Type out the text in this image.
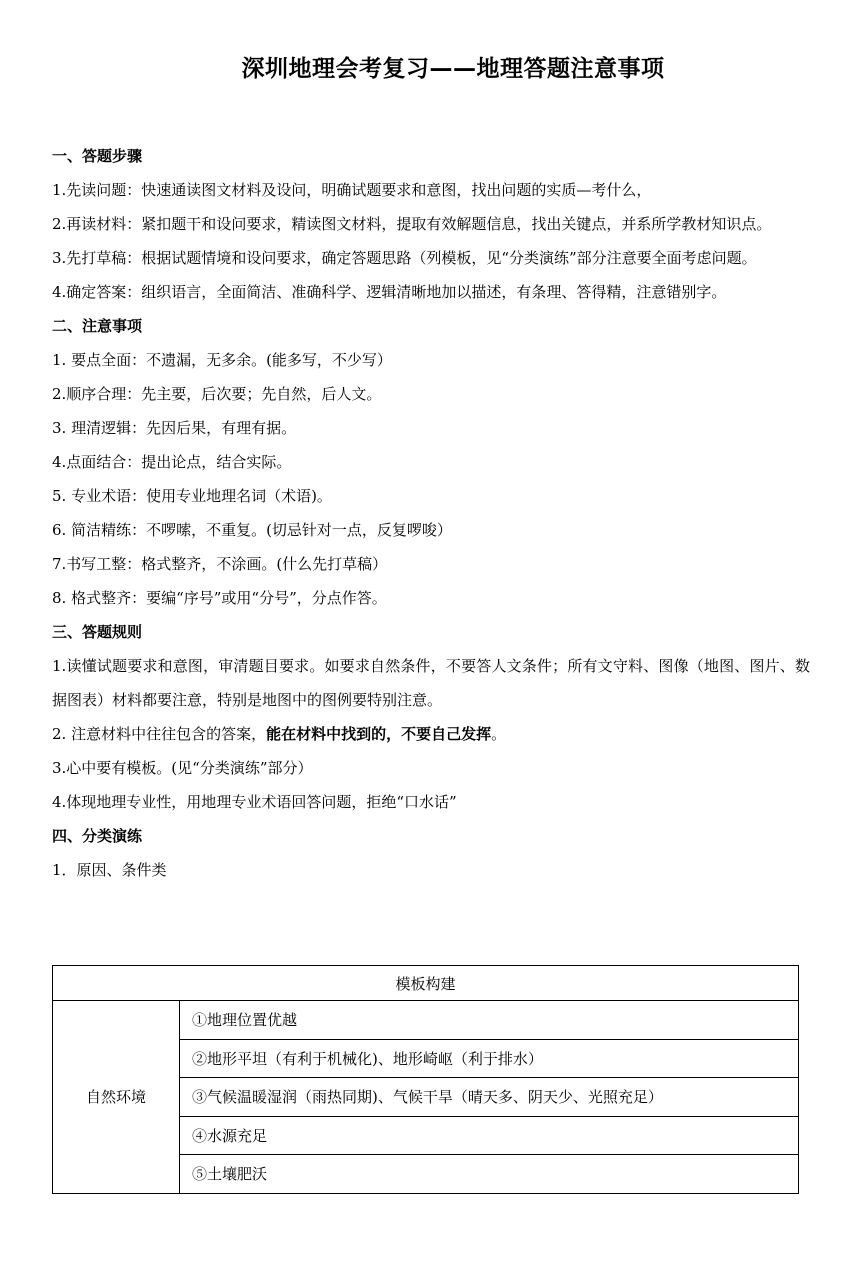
深圳地理会考复习——地理答题注意事项
一、答题步骤

1.先读问题：快速通读图文材料及设问，明确试题要求和意图，找出问题的实质—考什么，

2.再读材料：紧扣题干和设问要求，精读图文材料，提取有效解题信息，找出关键点，并系所学教材知识点。

3.先打草稿：根据试题情境和设问要求，确定答题思路（列模板，见“分类演练”部分注意要全面考虑问题。

4.确定答案：组织语言，全面简洁、准确科学、逻辑清晰地加以描述，有条理、答得精，注意错别字。

二、注意事项

1. 要点全面：不遗漏，无多余。(能多写，不少写）

2.顺序合理：先主要，后次要；先自然，后人文。

3. 理清逻辑：先因后果，有理有据。

4.点面结合：提出论点，结合实际。

5. 专业术语：使用专业地理名词（术语)。

6. 简洁精练：不啰嗦，不重复。(切忌针对一点，反复啰唆）

7.书写工整：格式整齐，不涂画。(什么先打草稿）

8. 格式整齐：要编“序号”或用“分号”，分点作答。

三、答题规则

1.读懂试题要求和意图，审清题目要求。如要求自然条件，不要答人文条件；所有文守料、图像（地图、图片、数据图表）材料都要注意，特别是地图中的图例要特别注意。

2. 注意材料中往往包含的答案，能在材料中找到的，不要自己发挥。

3.心中要有模板。(见“分类演练”部分）

4.体现地理专业性，用地理专业术语回答问题，拒绝“口水话”

四、分类演练

1．原因、条件类

模板构建
自然环境	①地理位置优越
②地形平坦（有利于机械化)、地形崎岖（利于排水）
③气候温暖湿润（雨热同期)、气候干旱（晴天多、阴天少、光照充足）
④水源充足
⑤土壤肥沃
